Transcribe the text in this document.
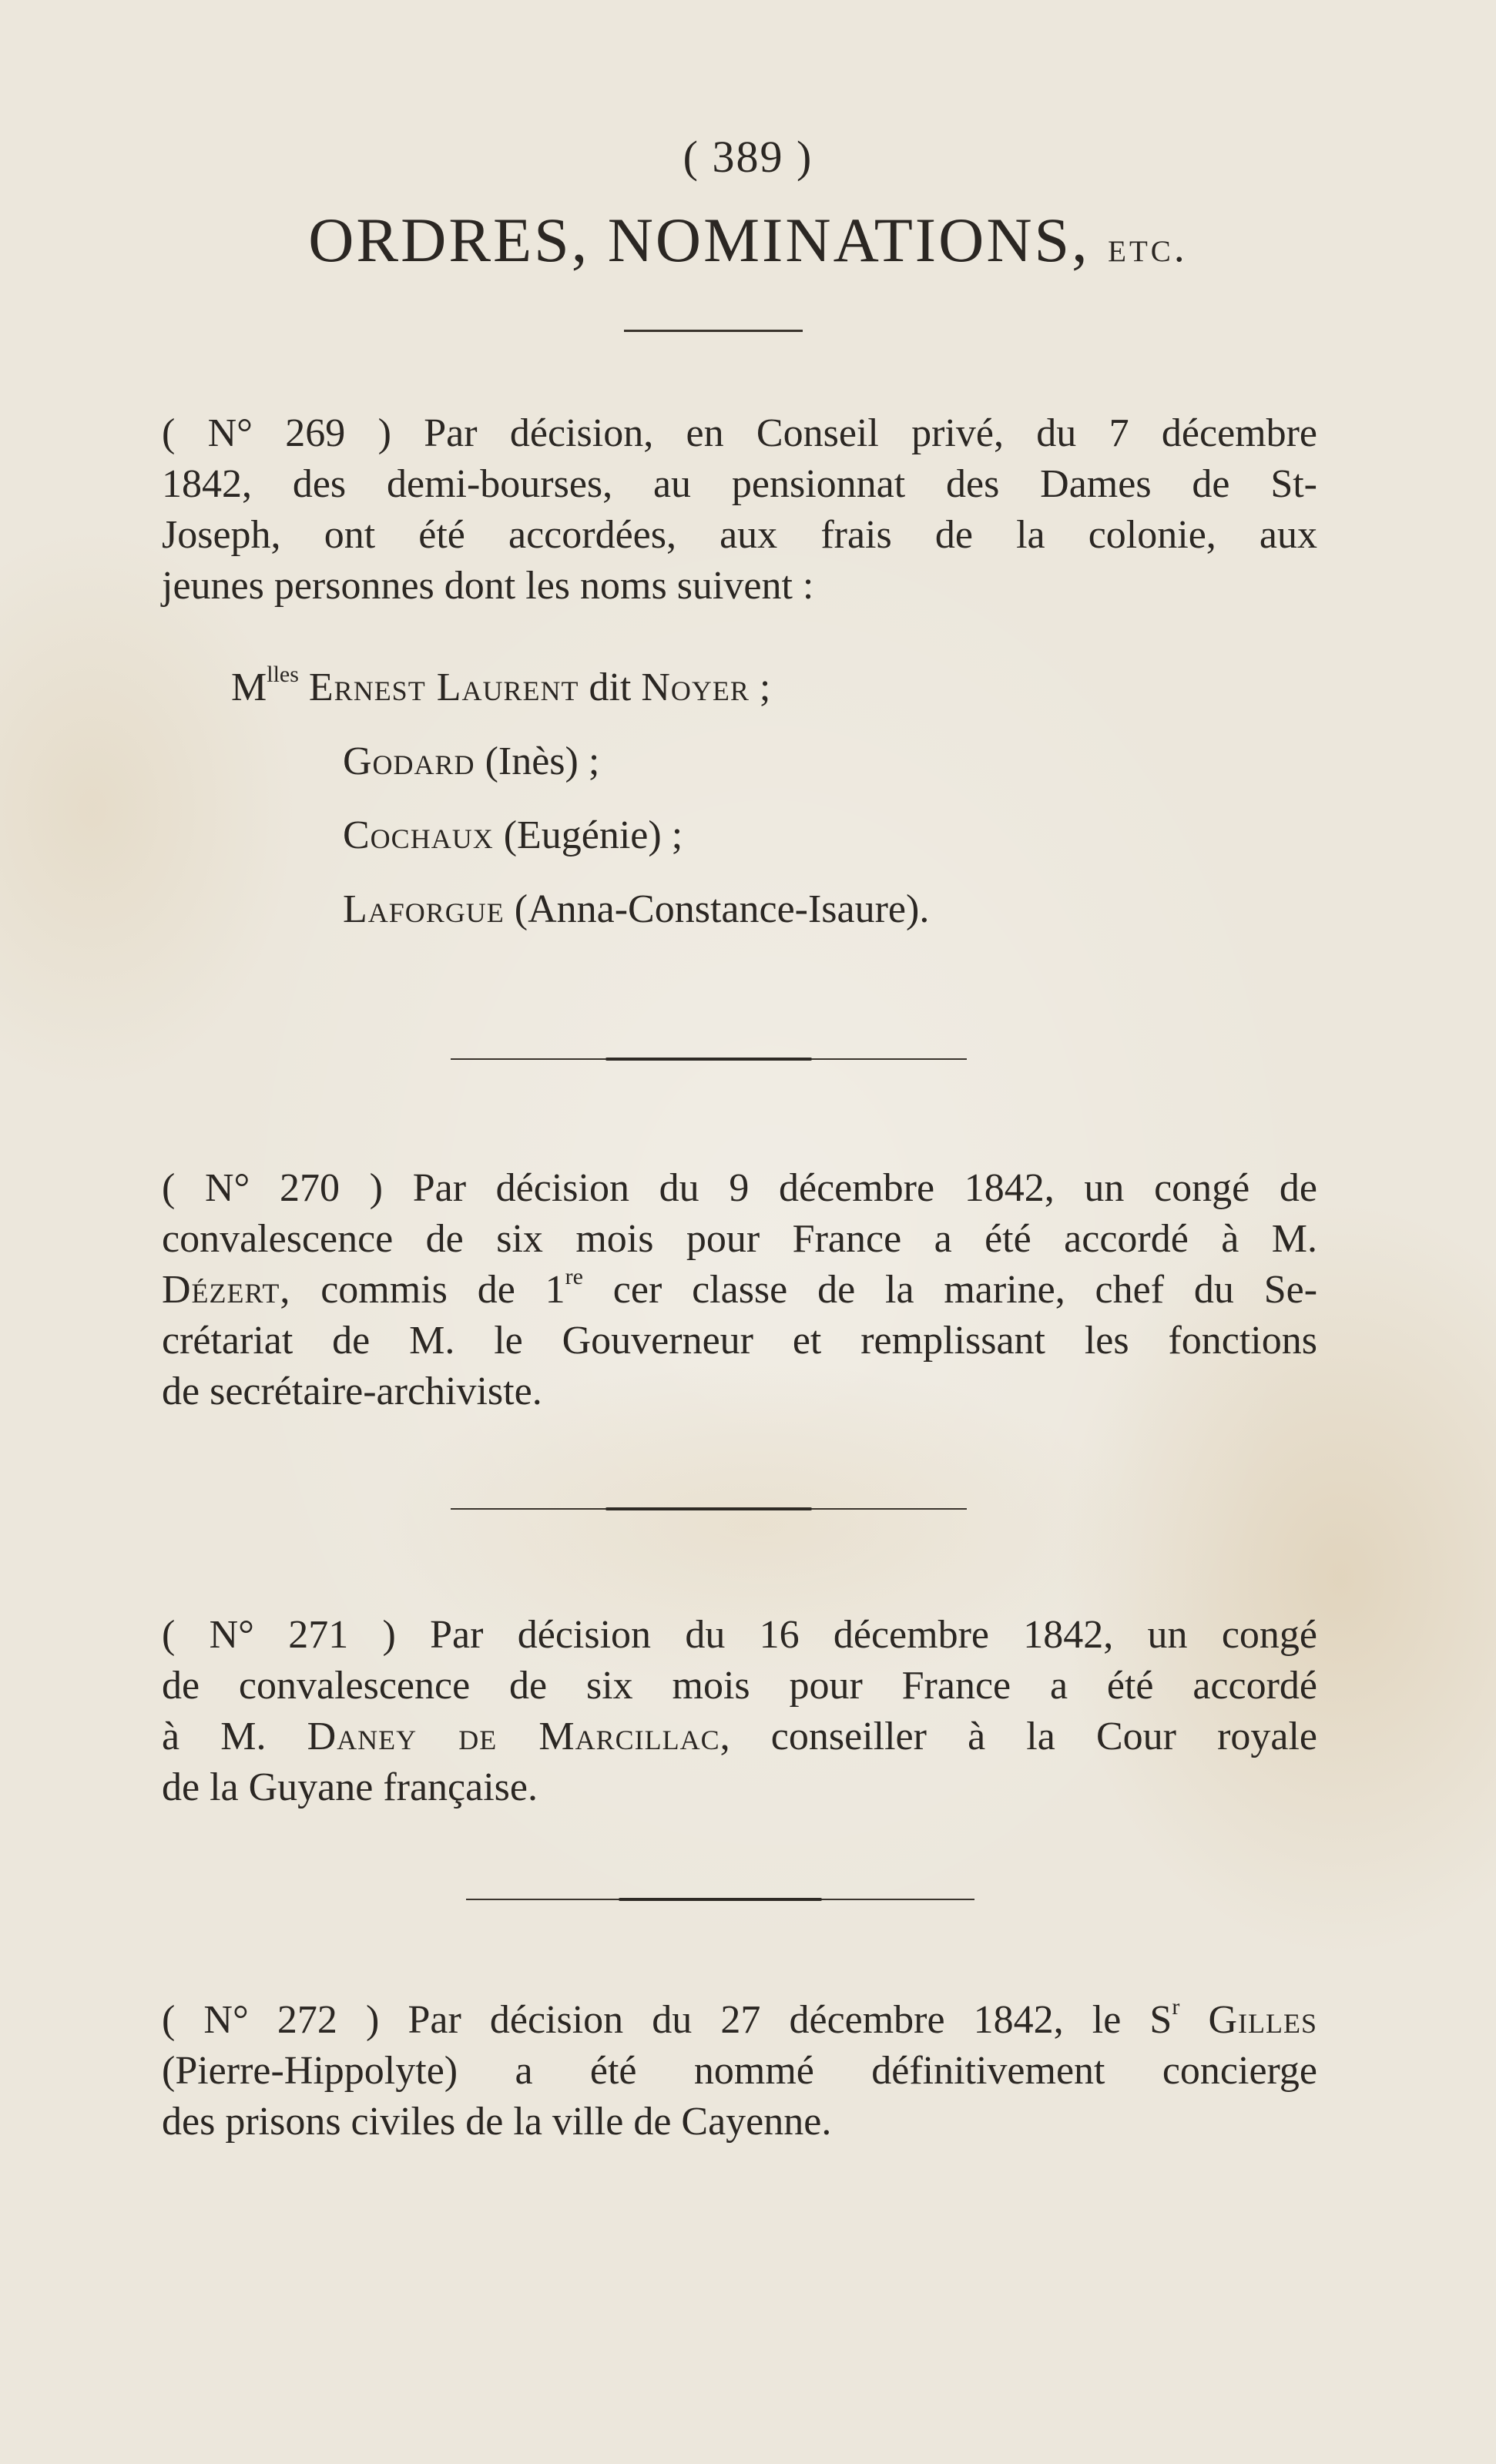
( 389 )
ORDRES, NOMINATIONS, etc.
( N° 269 ) Par décision, en Conseil privé, du 7 décembre
1842, des demi-bourses, au pensionnat des Dames de St-
Joseph, ont été accordées, aux frais de la colonie, aux
jeunes personnes dont les noms suivent :
$M^{lles}$ Ernest Laurent dit Noyer ;
Godard (Inès) ;
Cochaux (Eugénie) ;
Laforgue (Anna-Constance-Isaure).
( N° 270 ) Par décision du 9 décembre 1842, un congé de
convalescence de six mois pour France a été accordé à M.
Dézert, commis de 1re cer classe de la marine, chef du Se-
crétariat de M. le Gouverneur et remplissant les fonctions
de secrétaire-archiviste.
( N° 271 ) Par décision du 16 décembre 1842, un congé
de convalescence de six mois pour France a été accordé
à M. Daney de Marcillac, conseiller à la Cour royale
de la Guyane française.
( N° 272 ) Par décision du 27 décembre 1842, le $S^r$ Gilles
(Pierre-Hippolyte) a été nommé définitivement concierge
des prisons civiles de la ville de Cayenne.
